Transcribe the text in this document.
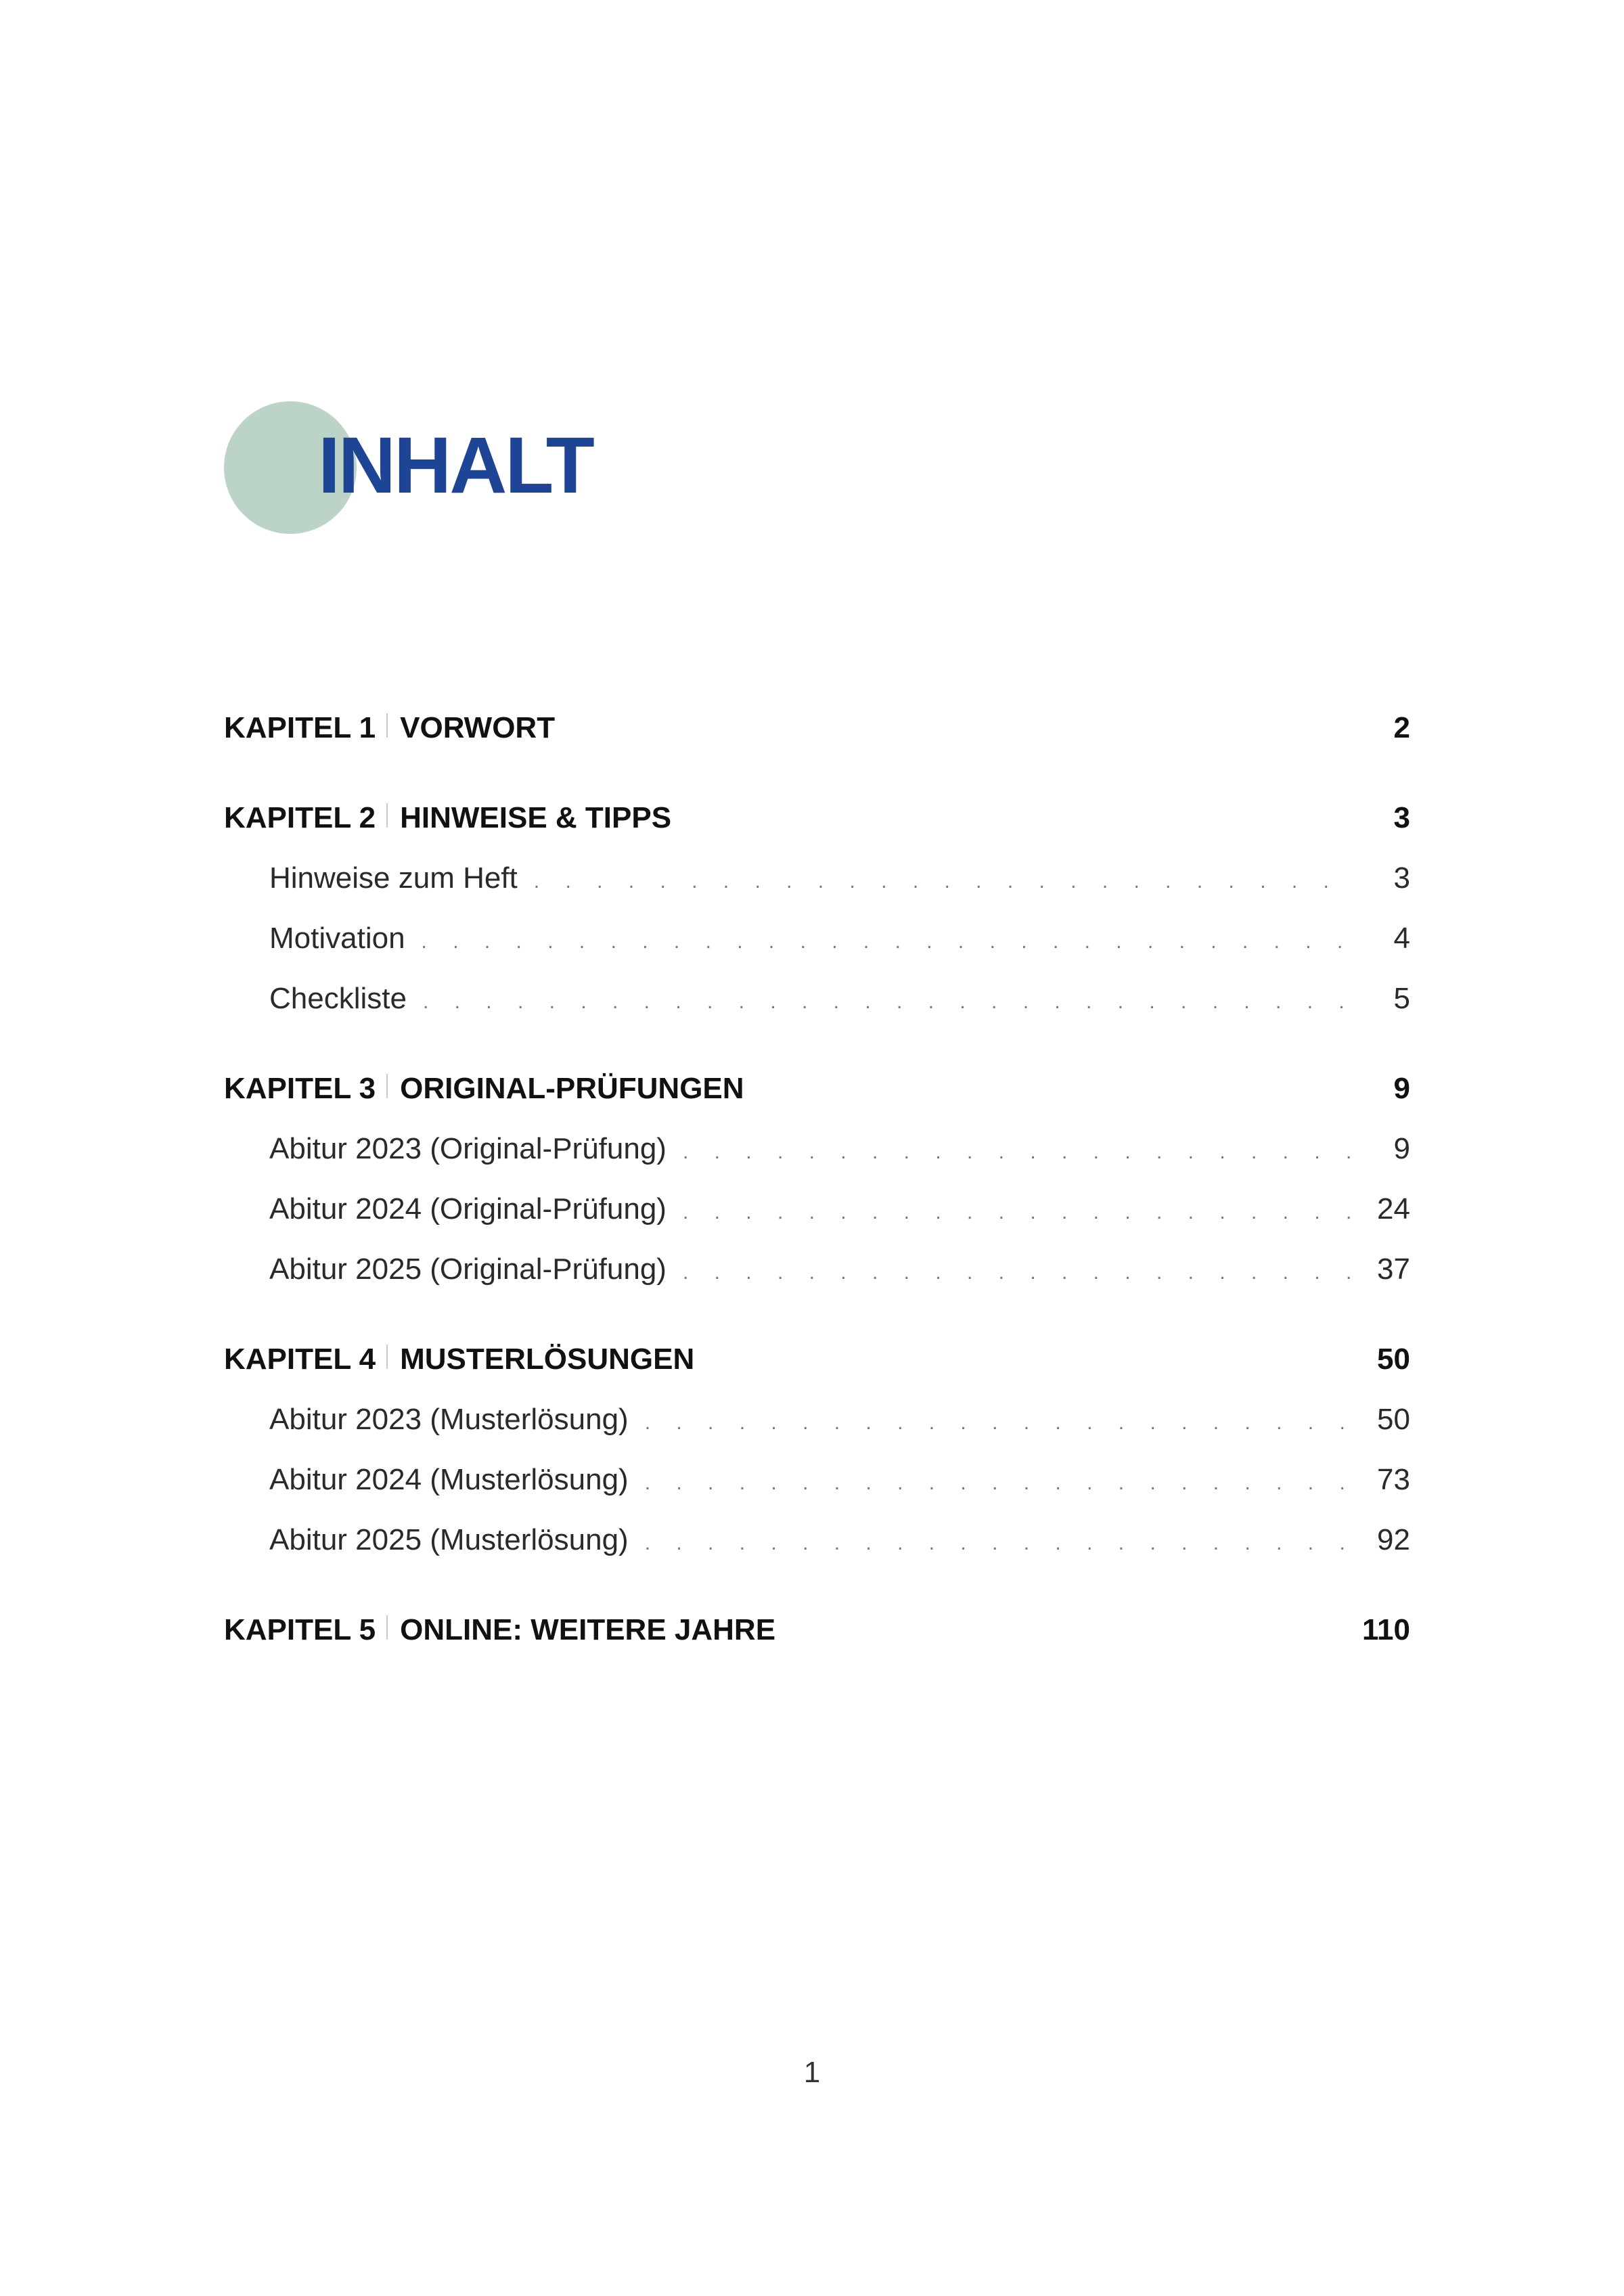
INHALT
KAPITEL 1 VORWORT	2
KAPITEL 2 HINWEISE & TIPPS	3
Hinweise zum Heft . . .	3
Motivation . . .	4
Checkliste . . .	5
KAPITEL 3 ORIGINAL-PRÜFUNGEN	9
Abitur 2023 (Original-Prüfung) . . .	9
Abitur 2024 (Original-Prüfung) . . .	24
Abitur 2025 (Original-Prüfung) . . .	37
KAPITEL 4 MUSTERLÖSUNGEN	50
Abitur 2023 (Musterlösung) . . .	50
Abitur 2024 (Musterlösung) . . .	73
Abitur 2025 (Musterlösung) . . .	92
KAPITEL 5 ONLINE: WEITERE JAHRE	110
1
